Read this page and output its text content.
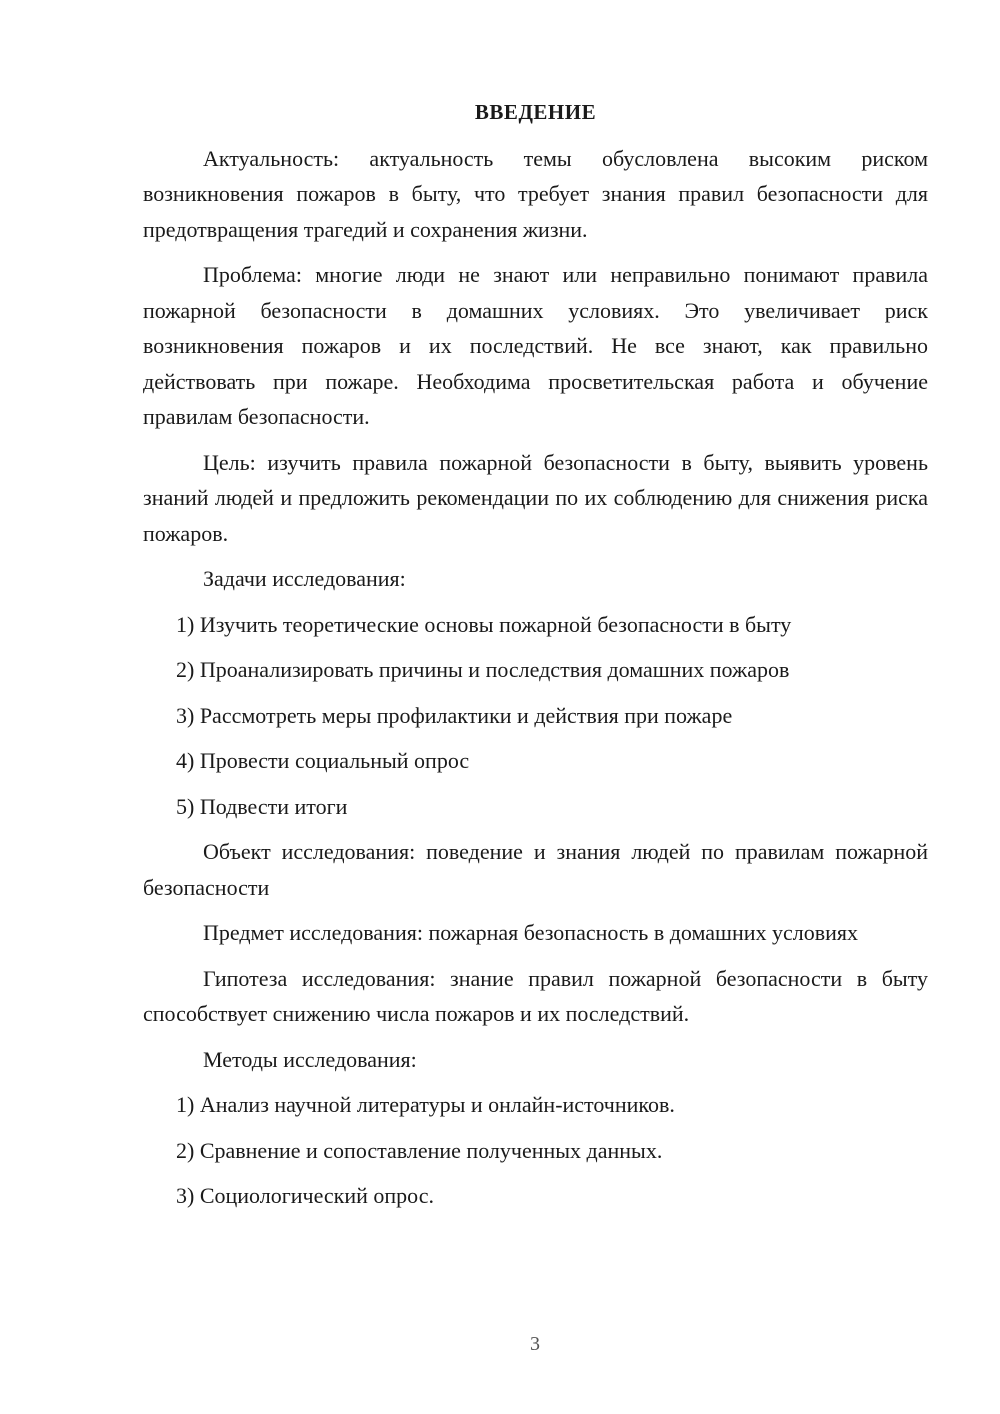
ВВЕДЕНИЕ
Актуальность: актуальность темы обусловлена высоким риском возникновения пожаров в быту, что требует знания правил безопасности для предотвращения трагедий и сохранения жизни.
Проблема: многие люди не знают или неправильно понимают правила пожарной безопасности в домашних условиях. Это увеличивает риск возникновения пожаров и их последствий. Не все знают, как правильно действовать при пожаре. Необходима просветительская работа и обучение правилам безопасности.
Цель: изучить правила пожарной безопасности в быту, выявить уровень знаний людей и предложить рекомендации по их соблюдению для снижения риска пожаров.
Задачи исследования:
1) Изучить теоретические основы пожарной безопасности в быту
2) Проанализировать причины и последствия домашних пожаров
3) Рассмотреть меры профилактики и действия при пожаре
4) Провести социальный опрос
5) Подвести итоги
Объект исследования: поведение и знания людей по правилам пожарной безопасности
Предмет исследования: пожарная безопасность в домашних условиях
Гипотеза исследования: знание правил пожарной безопасности в быту способствует снижению числа пожаров и их последствий.
Методы исследования:
1) Анализ научной литературы и онлайн-источников.
2) Сравнение и сопоставление полученных данных.
3) Социологический опрос.
3
